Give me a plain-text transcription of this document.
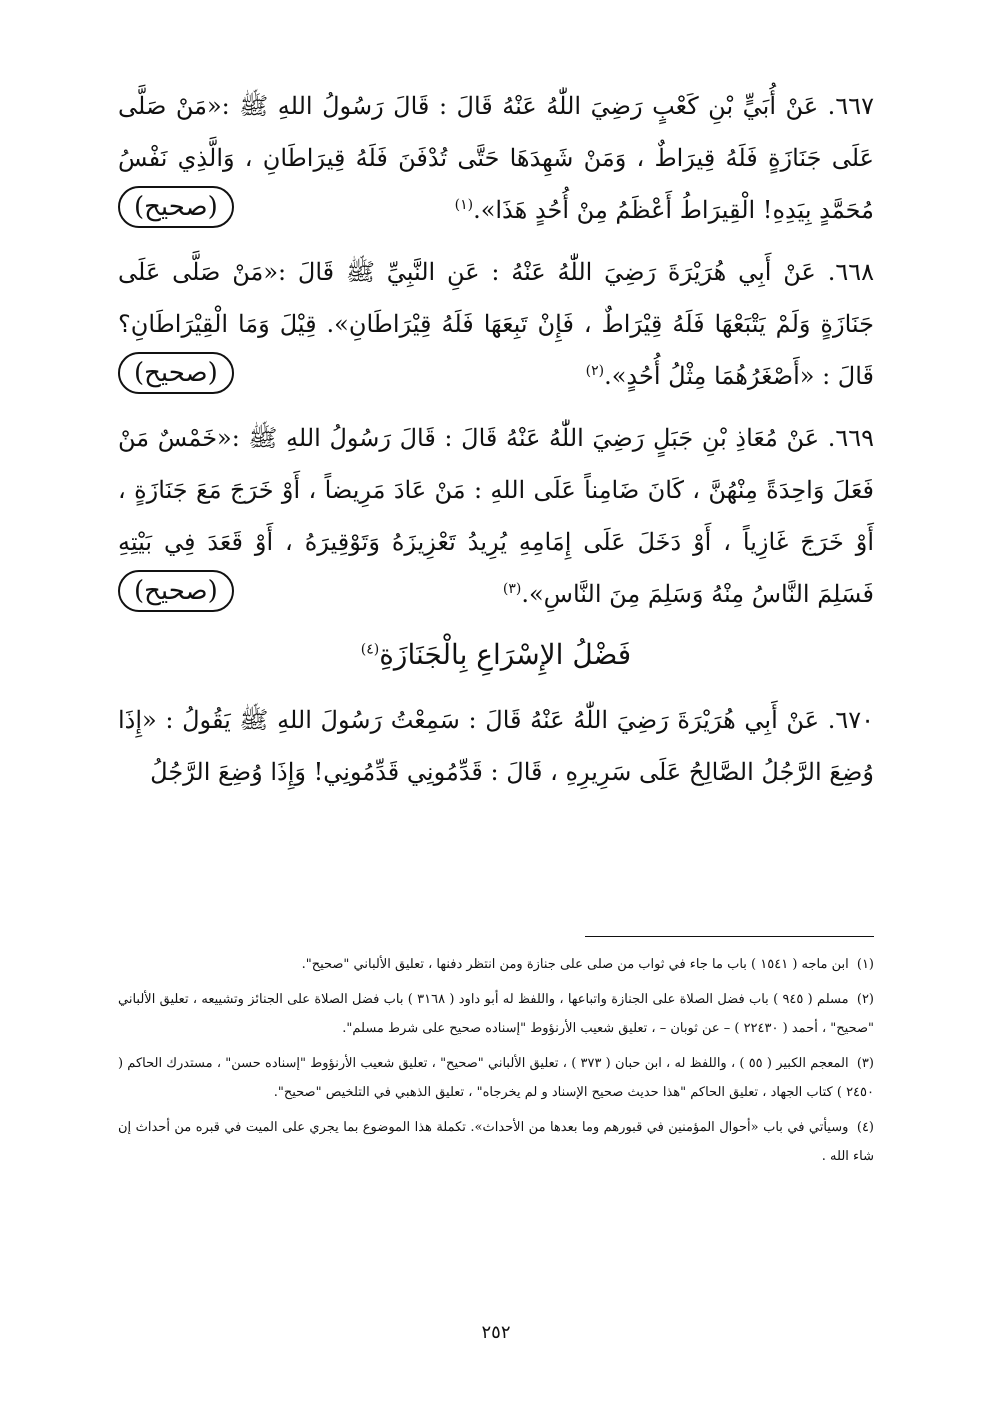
٦٦٧. عَنْ أُبَيٍّ بْنِ كَعْبٍ رَضِيَ اللّٰهُ عَنْهُ قَالَ : قَالَ رَسُولُ اللهِ ﷺ :«مَنْ صَلَّى عَلَى جَنَازَةٍ فَلَهُ قِيرَاطٌ ، وَمَنْ شَهِدَهَا حَتَّى تُدْفَنَ فَلَهُ قِيرَاطَانِ ، وَالَّذِي نَفْسُ مُحَمَّدٍ بِيَدِهِ! الْقِيرَاطُ أَعْظَمُ مِنْ أُحُدٍ هَذَا».$^{(١)}$

(صحيح)

٦٦٨. عَنْ أَبِي هُرَيْرَةَ رَضِيَ اللّٰهُ عَنْهُ : عَنِ النَّبِيِّ ﷺ قَالَ :«مَنْ صَلَّى عَلَى جَنَازَةٍ وَلَمْ يَتْبَعْهَا فَلَهُ قِيْرَاطٌ ، فَإِنْ تَبِعَهَا فَلَهُ قِيْرَاطَانِ». قِيْلَ وَمَا الْقِيْرَاطَانِ؟ قَالَ : «أَصْغَرُهُمَا مِثْلُ أُحُدٍ».$^{(٢)}$

(صحيح)

٦٦٩. عَنْ مُعَاذِ بْنِ جَبَلٍ رَضِيَ اللّٰهُ عَنْهُ قَالَ : قَالَ رَسُولُ اللهِ ﷺ :«خَمْسٌ مَنْ فَعَلَ وَاحِدَةً مِنْهُنَّ ، كَانَ ضَامِناً عَلَى اللهِ : مَنْ عَادَ مَرِيضاً ، أَوْ خَرَجَ مَعَ جَنَازَةٍ ، أَوْ خَرَجَ غَازِياً ، أَوْ دَخَلَ عَلَى إِمَامِهِ يُرِيدُ تَعْزِيزَهُ وَتَوْقِيرَهُ ، أَوْ قَعَدَ فِي بَيْتِهِ فَسَلِمَ النَّاسُ مِنْهُ وَسَلِمَ مِنَ النَّاسِ».$^{(٣)}$

(صحيح)
فَضْلُ الإِسْرَاعِ بِالْجَنَازَةِ$^{(٤)}$

٦٧٠. عَنْ أَبِي هُرَيْرَةَ رَضِيَ اللّٰهُ عَنْهُ قَالَ : سَمِعْتُ رَسُولَ اللهِ ﷺ يَقُولُ : «إِذَا وُضِعَ الرَّجُلُ الصَّالِحُ عَلَى سَرِيرِهِ ، قَالَ : قَدِّمُونِي قَدِّمُونِي! وَإِذَا وُضِعَ الرَّجُلُ

(١) ابن ماجه ( ١٥٤١ ) باب ما جاء في ثواب من صلى على جنازة ومن انتظر دفنها ، تعليق الألباني "صحيح".

(٢) مسلم ( ٩٤٥ ) باب فضل الصلاة على الجنازة واتباعها ، واللفظ له أبو داود ( ٣١٦٨ ) باب فضل الصلاة على الجنائز وتشييعه ، تعليق الألباني "صحيح" ، أحمد ( ٢٢٤٣٠ ) – عن ثوبان – ، تعليق شعيب الأرنؤوط "إسناده صحيح على شرط مسلم".

(٣) المعجم الكبير ( ٥٥ ) ، واللفظ له ، ابن حبان ( ٣٧٣ ) ، تعليق الألباني "صحيح" ، تعليق شعيب الأرنؤوط "إسناده حسن" ، مستدرك الحاكم ( ٢٤٥٠ ) كتاب الجهاد ، تعليق الحاكم "هذا حديث صحيح الإسناد و لم يخرجاه" ، تعليق الذهبي في التلخيص "صحيح".

(٤) وسيأتي في باب «أحوال المؤمنين في قبورهم وما بعدها من الأحداث». تكملة هذا الموضوع بما يجري على الميت في قبره من أحداث إن شاء الله .

٢٥٢
